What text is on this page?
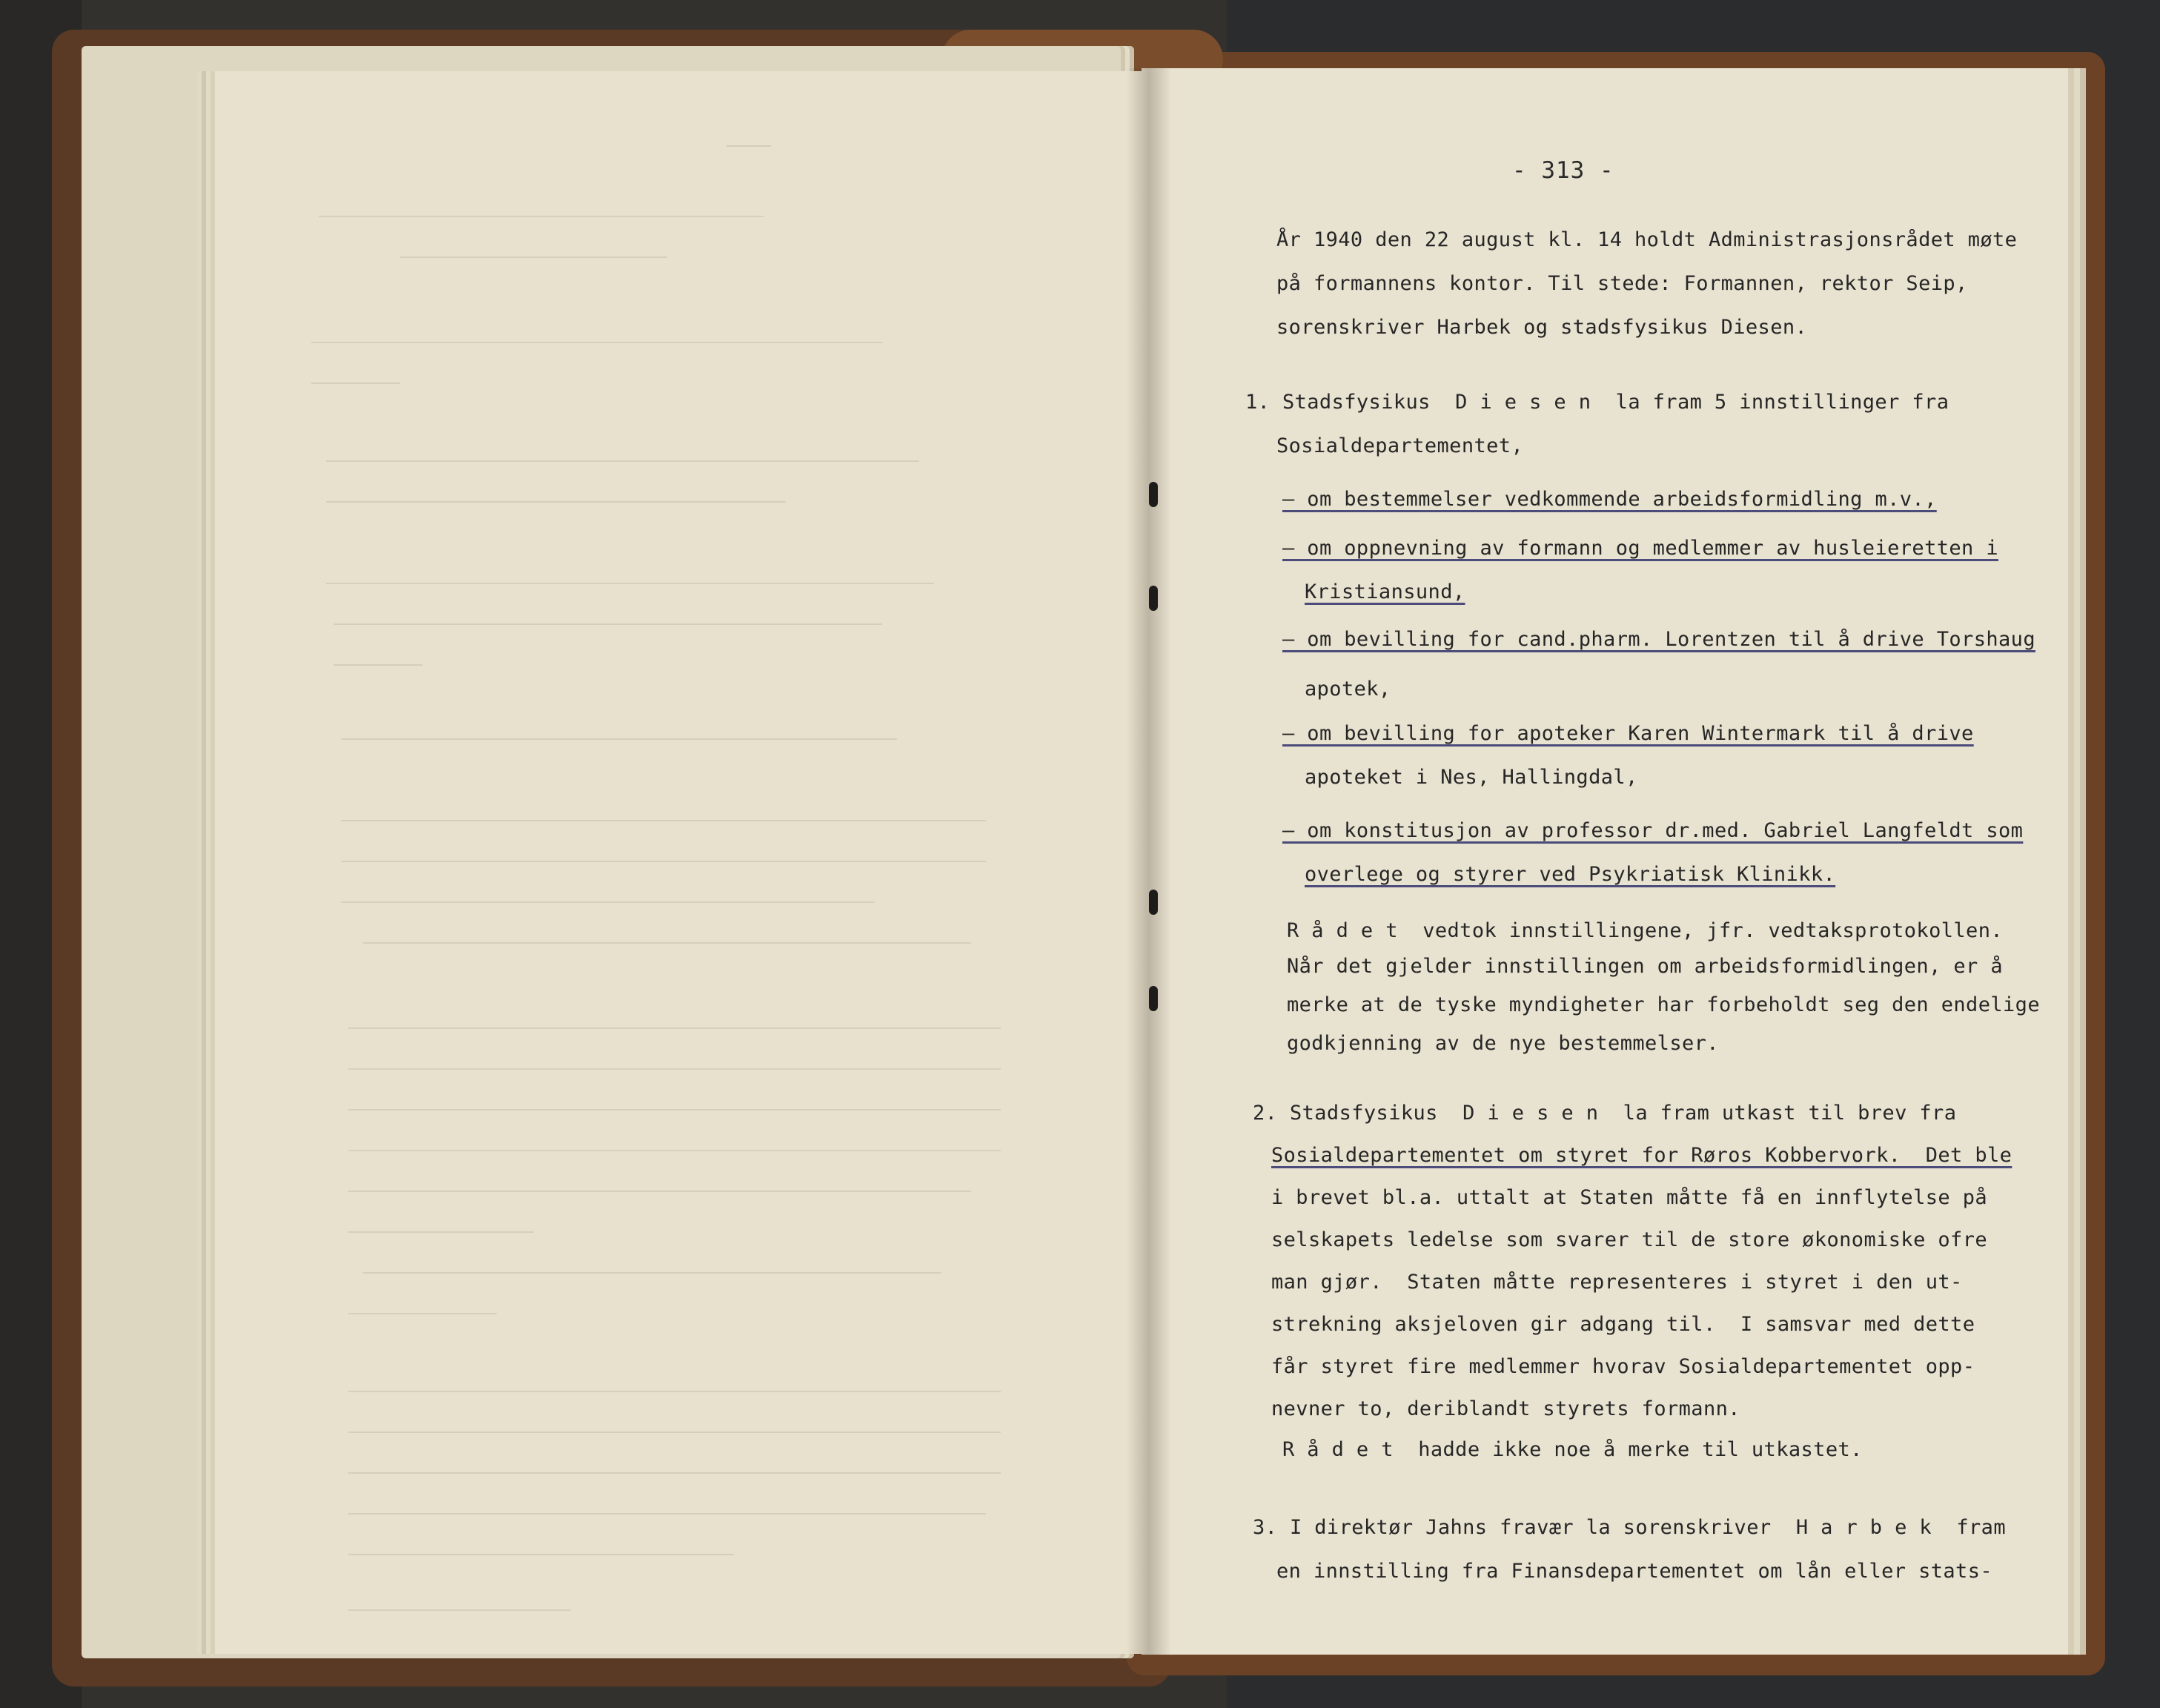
- 313 -
År 1940 den 22 august kl. 14 holdt Administrasjonsrådet møte
på formannens kontor. Til stede: Formannen, rektor Seip,
sorenskriver Harbek og stadsfysikus Diesen.
1. Stadsfysikus  D i e s e n  la fram 5 innstillinger fra
Sosialdepartementet,
– om bestemmelser vedkommende arbeidsformidling m.v.,
– om oppnevning av formann og medlemmer av husleieretten i
Kristiansund,
– om bevilling for cand.pharm. Lorentzen til å drive Torshaug
apotek,
– om bevilling for apoteker Karen Wintermark til å drive
apoteket i Nes, Hallingdal,
– om konstitusjon av professor dr.med. Gabriel Langfeldt som
overlege og styrer ved Psykriatisk Klinikk.
R å d e t  vedtok innstillingene, jfr. vedtaksprotokollen.
Når det gjelder innstillingen om arbeidsformidlingen, er å
merke at de tyske myndigheter har forbeholdt seg den endelige
godkjenning av de nye bestemmelser.
2. Stadsfysikus  D i e s e n  la fram utkast til brev fra
Sosialdepartementet om styret for Røros Kobbervork.  Det ble
i brevet bl.a. uttalt at Staten måtte få en innflytelse på
selskapets ledelse som svarer til de store økonomiske ofre
man gjør.  Staten måtte representeres i styret i den ut-
strekning aksjeloven gir adgang til.  I samsvar med dette
får styret fire medlemmer hvorav Sosialdepartementet opp-
nevner to, deriblandt styrets formann.
R å d e t  hadde ikke noe å merke til utkastet.
3. I direktør Jahns fravær la sorenskriver  H a r b e k  fram
en innstilling fra Finansdepartementet om lån eller stats-
